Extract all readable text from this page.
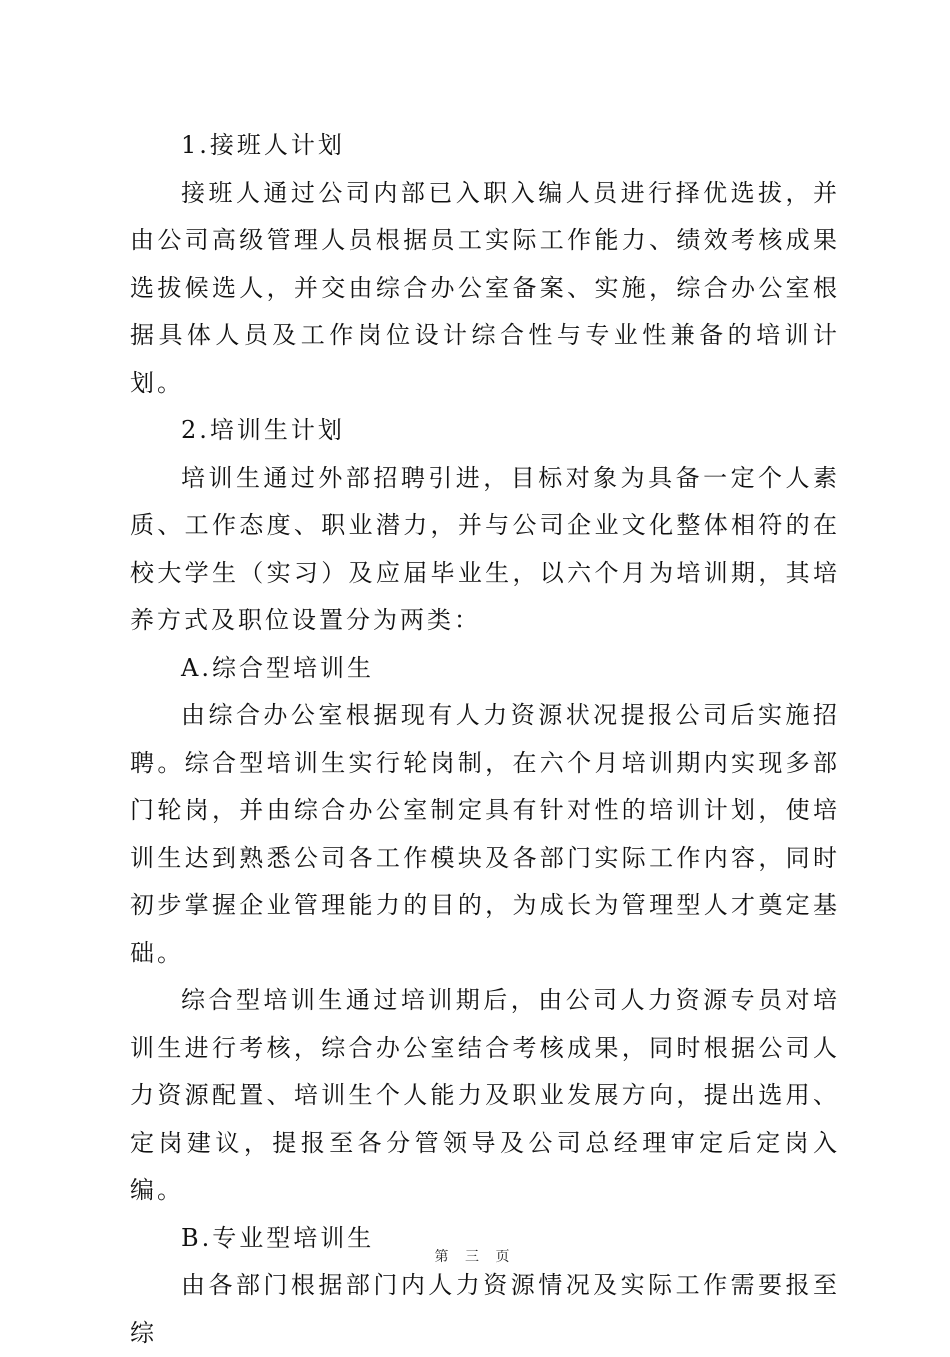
1.接班人计划

接班人通过公司内部已入职入编人员进行择优选拔，并由公司高级管理人员根据员工实际工作能力、绩效考核成果选拔候选人，并交由综合办公室备案、实施，综合办公室根据具体人员及工作岗位设计综合性与专业性兼备的培训计划。

2.培训生计划

培训生通过外部招聘引进，目标对象为具备一定个人素质、工作态度、职业潜力，并与公司企业文化整体相符的在校大学生（实习）及应届毕业生，以六个月为培训期，其培养方式及职位设置分为两类：

A.综合型培训生

由综合办公室根据现有人力资源状况提报公司后实施招聘。综合型培训生实行轮岗制，在六个月培训期内实现多部门轮岗，并由综合办公室制定具有针对性的培训计划，使培训生达到熟悉公司各工作模块及各部门实际工作内容，同时初步掌握企业管理能力的目的，为成长为管理型人才奠定基础。

综合型培训生通过培训期后，由公司人力资源专员对培训生进行考核，综合办公室结合考核成果，同时根据公司人力资源配置、培训生个人能力及职业发展方向，提出选用、定岗建议，提报至各分管领导及公司总经理审定后定岗入编。

B.专业型培训生

由各部门根据部门内人力资源情况及实际工作需要报至综

第 三 页
